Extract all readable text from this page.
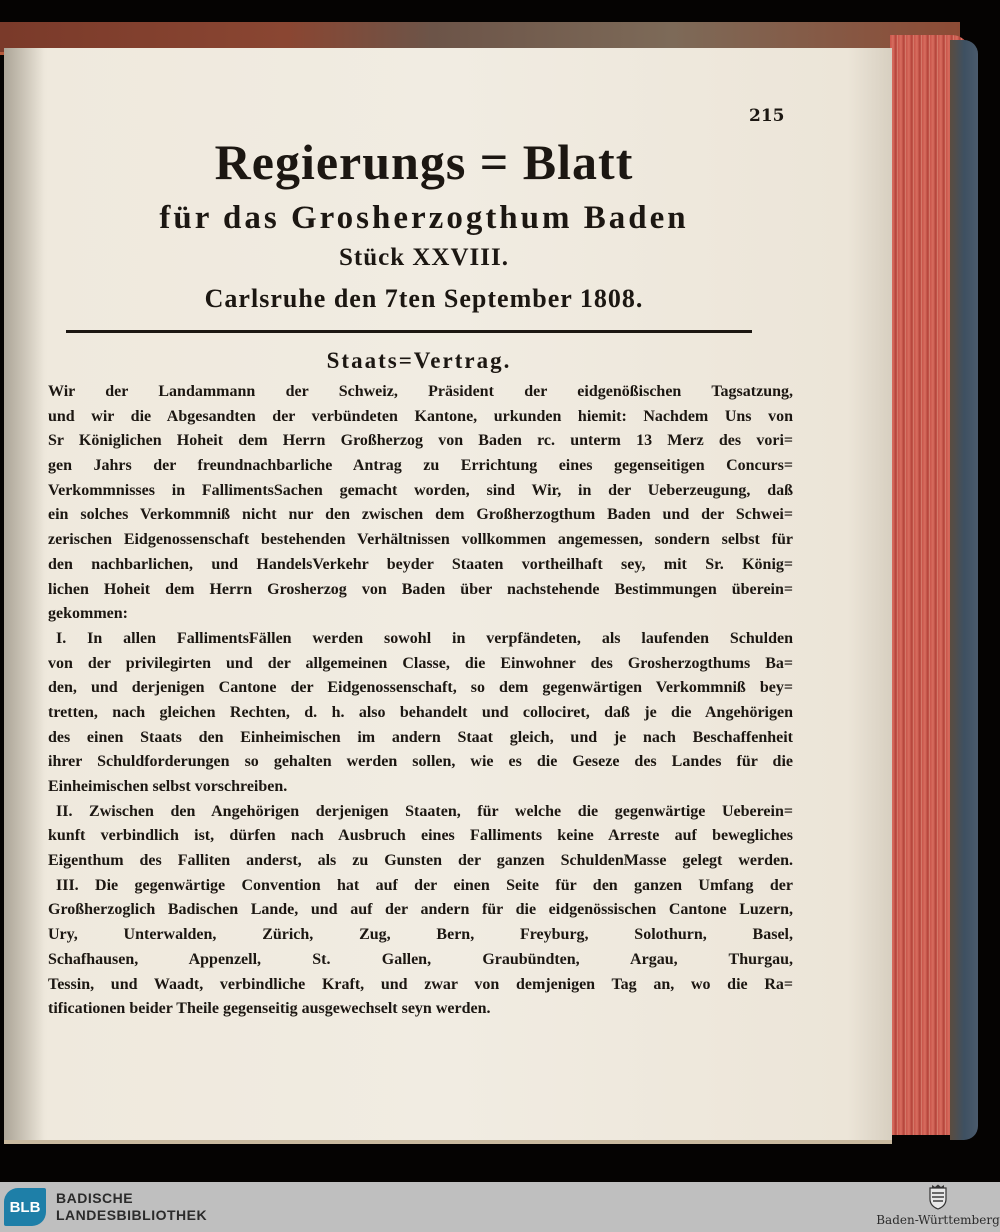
215
Regierungs = Blatt
für das Grosherzogthum Baden
Stück XXVIII.
Carlsruhe den 7ten September 1808.
Staats=Vertrag.
Wir der Landammann der Schweiz, Präsident der eidgenößischen Tagsatzung,
und wir die Abgesandten der verbündeten Kantone, urkunden hiemit: Nachdem Uns von
Sr Königlichen Hoheit dem Herrn Großherzog von Baden rc. unterm 13 Merz des vori=
gen Jahrs der freundnachbarliche Antrag zu Errichtung eines gegenseitigen Concurs=
Verkommnisses in FallimentsSachen gemacht worden, sind Wir, in der Ueberzeugung, daß
ein solches Verkommniß nicht nur den zwischen dem Großherzogthum Baden und der Schwei=
zerischen Eidgenossenschaft bestehenden Verhältnissen vollkommen angemessen, sondern selbst für
den nachbarlichen, und HandelsVerkehr beyder Staaten vortheilhaft sey, mit Sr. König=
lichen Hoheit dem Herrn Grosherzog von Baden über nachstehende Bestimmungen überein=
gekommen:
I. In allen FallimentsFällen werden sowohl in verpfändeten, als laufenden Schulden
von der privilegirten und der allgemeinen Classe, die Einwohner des Grosherzogthums Ba=
den, und derjenigen Cantone der Eidgenossenschaft, so dem gegenwärtigen Verkommniß bey=
tretten, nach gleichen Rechten, d. h. also behandelt und collociret, daß je die Angehörigen
des einen Staats den Einheimischen im andern Staat gleich, und je nach Beschaffenheit
ihrer Schuldforderungen so gehalten werden sollen, wie es die Geseze des Landes für die
Einheimischen selbst vorschreiben.
II. Zwischen den Angehörigen derjenigen Staaten, für welche die gegenwärtige Ueberein=
kunft verbindlich ist, dürfen nach Ausbruch eines Falliments keine Arreste auf bewegliches
Eigenthum des Falliten anderst, als zu Gunsten der ganzen SchuldenMasse gelegt werden.
III. Die gegenwärtige Convention hat auf der einen Seite für den ganzen Umfang der
Großherzoglich Badischen Lande, und auf der andern für die eidgenössischen Cantone Luzern,
Ury, Unterwalden, Zürich, Zug, Bern, Freyburg, Solothurn, Basel,
Schafhausen, Appenzell, St. Gallen, Graubündten, Argau, Thurgau,
Tessin, und Waadt, verbindliche Kraft, und zwar von demjenigen Tag an, wo die Ra=
tificationen beider Theile gegenseitig ausgewechselt seyn werden.
BLB
BADISCHE
LANDESBIBLIOTHEK	Baden-Württemberg
